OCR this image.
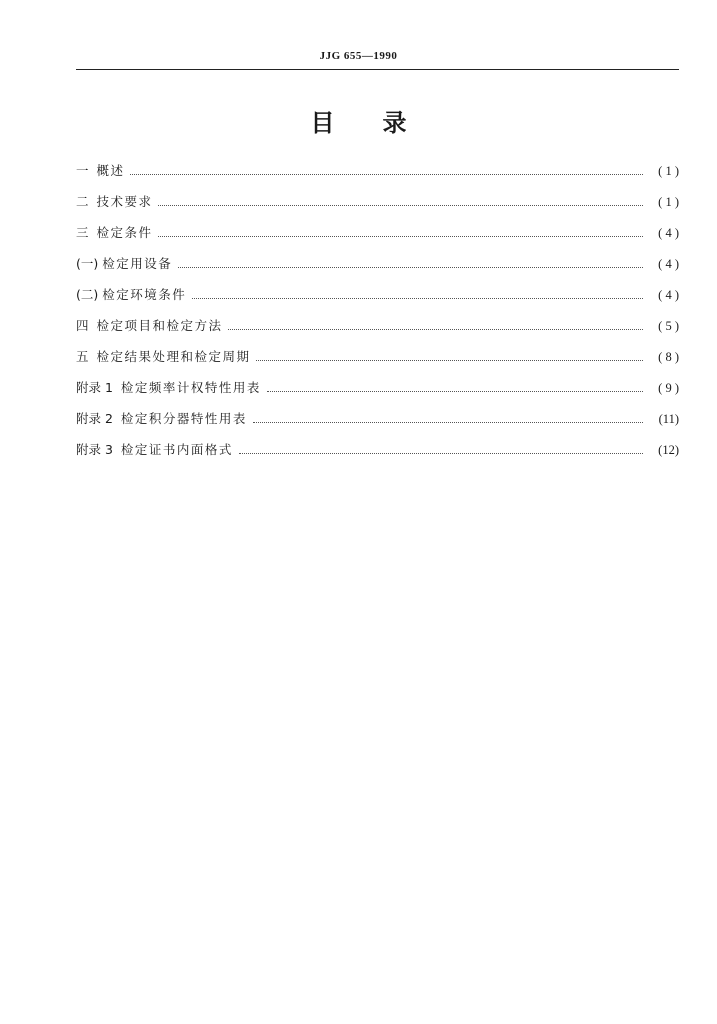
JJG 655—1990
目录
一 概述	( 1 )
二 技术要求	( 1 )
三 检定条件	( 4 )
(一) 检定用设备	( 4 )
(二) 检定环境条件	( 4 )
四 检定项目和检定方法	( 5 )
五 检定结果处理和检定周期	( 8 )
附录 1 检定频率计权特性用表	( 9 )
附录 2 检定积分器特性用表	(11)
附录 3 检定证书内面格式	(12)
